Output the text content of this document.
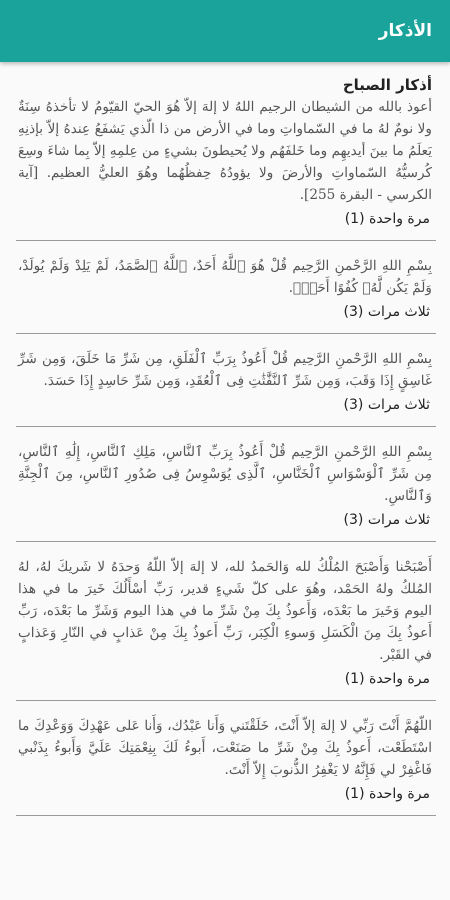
الأذكار
أذكار الصباح

أعوذ بالله من الشيطان الرجيم اللهُ لا إلهَ إلاّ هُوَ الحيّ القيّومُ لا تأخذهُ سِنَةٌ ولا نومٌ لهُ ما في السّماواتِ وما في الأرض من ذا الّذي يَشفَعُ عِندهُ إلاّ بإذنِهِ يَعلَمُ ما بينَ أيديهِم وما خَلفَهُم ولا يُحيطونَ بشيءٍ من عِلمِهِ إلاّ بِما شاءَ وسِعَ كُرسيُّهُ السّماواتِ والأرضَ ولا يؤودُهُ حِفظُهُما وهُوَ العليُّ العظيم. [آية الكرسي - البقرة 255].

مرة واحدة (1)

بِسْمِ اللهِ الرَّحْمنِ الرَّحِيم قُلْ هُوَ ٱللَّهُ أَحَدٌ، ٱللَّهُ ٱلصَّمَدُ، لَمْ يَلِدْ وَلَمْ يُولَدْ، وَلَمْ يَكُن لَّهُۥ كُفُوًا أَحَدٌۢ.

ثلاث مرات (3)

بِسْمِ اللهِ الرَّحْمنِ الرَّحِيم قُلْ أَعُوذُ بِرَبِّ ٱلْفَلَقِ، مِن شَرِّ مَا خَلَقَ، وَمِن شَرِّ غَاسِقٍ إِذَا وَقَبَ، وَمِن شَرِّ ٱلنَّفَّٰثَٰتِ فِى ٱلْعُقَدِ، وَمِن شَرِّ حَاسِدٍ إِذَا حَسَدَ.

ثلاث مرات (3)

بِسْمِ اللهِ الرَّحْمنِ الرَّحِيم قُلْ أَعُوذُ بِرَبِّ ٱلنَّاسِ، مَلِكِ ٱلنَّاسِ، إِلَٰهِ ٱلنَّاسِ، مِن شَرِّ ٱلْوَسْوَاسِ ٱلْخَنَّاسِ، ٱلَّذِى يُوَسْوِسُ فِى صُدُورِ ٱلنَّاسِ، مِنَ ٱلْجِنَّةِ وَٱلنَّاسِ.

ثلاث مرات (3)

أَصْبَحْنا وَأَصْبَحَ المُلْكُ لله وَالحَمدُ لله، لا إلهَ إلاّ اللّهُ وَحدَهُ لا شَريكَ لهُ، لهُ المُلكُ ولهُ الحَمْد، وهُوَ على كلّ شَيءٍ قدير، رَبِّ أسْأَلُكَ خَيرَ ما في هذا اليوم وَخَيرَ ما بَعْدَه، وَأَعوذُ بِكَ مِنْ شَرِّ ما في هذا اليوم وَشَرِّ ما بَعْدَه، رَبِّ أَعوذُ بِكَ مِنَ الْكَسَلِ وَسوءِ الْكِبَر، رَبِّ أَعوذُ بِكَ مِنْ عَذابٍ في النّارِ وَعَذابٍ في القَبْر.

مرة واحدة (1)

اللّهُمَّ أَنْتَ رَبِّي لا إلهَ إلاّ أَنْتَ، خَلَقْتَني وَأَنا عَبْدُك، وَأَنا عَلى عَهْدِكَ وَوَعْدِكَ ما اسْتَطَعْت، أَعوذُ بِكَ مِنْ شَرِّ ما صَنَعْت، أَبوءُ لَكَ بِنِعْمَتِكَ عَلَيَّ وَأَبوءُ بِذَنْبي فَاغْفِرْ لي فَإِنَّهُ لا يَغْفِرُ الذُّنوبَ إِلاّ أَنْتَ.

مرة واحدة (1)
